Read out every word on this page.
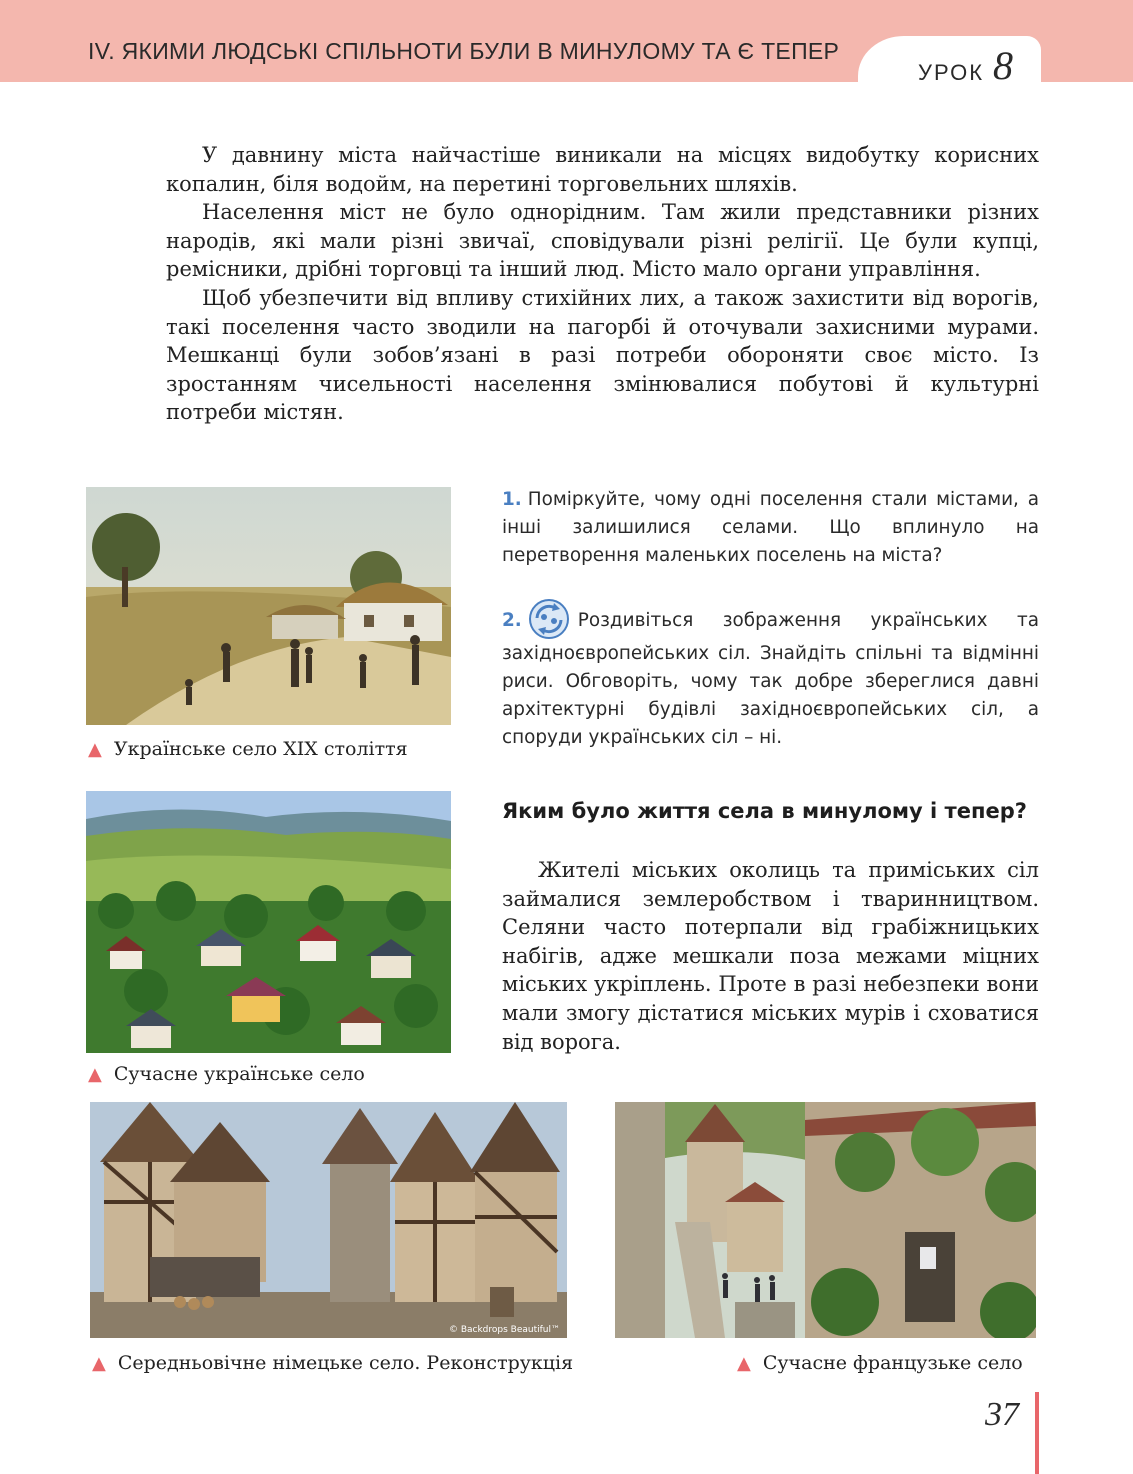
IV. ЯКИМИ ЛЮДСЬКІ СПІЛЬНОТИ БУЛИ В МИНУЛОМУ ТА Є ТЕПЕР
УРОК 8

У давнину міста найчастіше виникали на місцях видобутку корисних копалин, біля водойм, на перетині торговельних шляхів.

Населення міст не було однорідним. Там жили представники різних народів, які мали різні звичаї, сповідували різні релігії. Це були купці, ремісники, дрібні торговці та інший люд. Місто мало органи управління.

Щоб убезпечити від впливу стихійних лих, а також захистити від ворогів, такі поселення часто зводили на пагорбі й оточували захисними мурами. Мешканці були зобов’язані в разі потреби обороняти своє місто. Із зростанням чисельності населення змінювалися побутові й культурні потреби містян.

▲ Українське село XIX століття
1. Поміркуйте, чому одні поселення стали містами, а інші залишилися селами. Що вплинуло на перетворення маленьких поселень на міста?
2.	Роздивіться зображення українських та західноєвропейських сіл. Знайдіть спільні та відмінні риси. Обговоріть, чому так добре збереглися давні архітектурні будівлі західноєвропейських сіл, а споруди українських сіл – ні.
▲ Сучасне українське село
Яким було життя села в минулому і тепер?

Жителі міських околиць та приміських сіл займалися землеробством і тваринництвом. Селяни часто потерпали від грабіжницьких набігів, адже мешкали поза межами міцних міських укріплень. Проте в разі небезпеки вони мали змогу дістатися міських мурів і сховатися від ворога.

© Backdrops Beautiful™
▲ Середньовічне німецьке село. Реконструкція	▲ Сучасне французьке село
37
